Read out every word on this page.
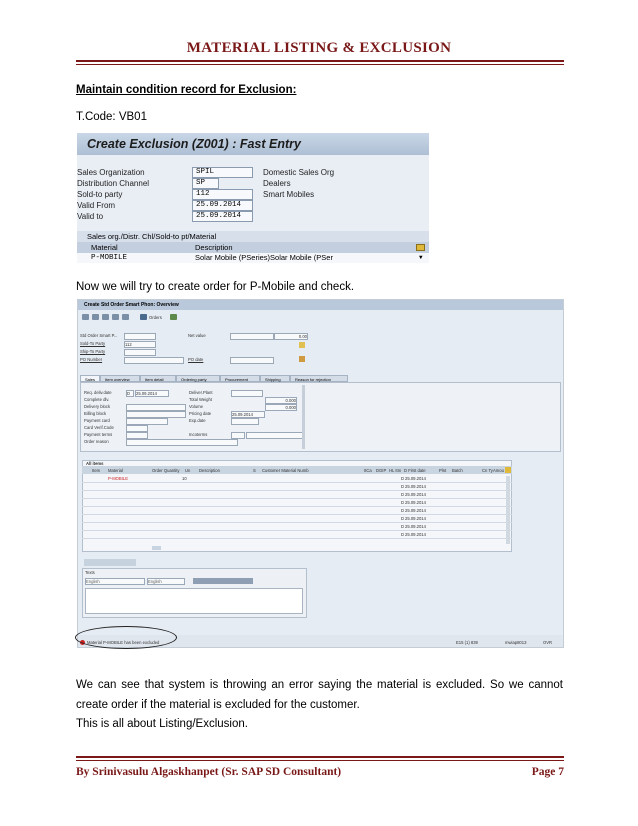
MATERIAL LISTING & EXCLUSION
Maintain condition record for Exclusion:
T.Code: VB01
Create Exclusion (Z001) : Fast Entry
Sales Organization	SPIL	Domestic Sales Org
Distribution Channel	SP	Dealers
Sold-to party	112	Smart Mobiles
Valid From	25.09.2014
Valid to	25.09.2014
Sales org./Distr. Chl/Sold-to pt/Material
Material	Description
P-MOBILE	Solar Mobile (PSeries)Solar Mobile (PSer	▼
Now we will try to create order for P-Mobile and check.
Create Std Order Smart Phon: Overview
Orders
Std Order Smart P...
Sold-To Party	112
Ship-To Party
PO Number
Net value	0.00
PO date
Sales	Item overview	Item detail	Ordering party	Procurement	Shipping	Reason for rejection
Req. deliv.date	D	25.09.2014
Complete dlv.
Delivery block
Billing block
Payment card
Card Verif.Code
Payment terms
Order reason
Deliver.Plant
Total Weight	0.000
Volume	0.000
Pricing date	25.09.2014
Exp.date
Incoterms
All items
Item Material	Order Quantity Un Description	S Customer Material Numb	ItCa DGIP HL Itm D First date	Plnt Batch	Cn Ty Amou
P-MOBILE	10	D 25.09.2014
D 25.09.2014
D 25.09.2014
D 25.09.2014
D 25.09.2014
D 25.09.2014
D 25.09.2014
D 25.09.2014
Texts
English	English
Material P-MOBILE has been excluded	E15 (1) 839	mwiap8013	OVR
We can see that system is throwing an error saying the material is excluded. So we cannot create order if the material is excluded for the customer.
This is all about Listing/Exclusion.
By Srinivasulu Algaskhanpet (Sr. SAP SD Consultant)	Page 7
